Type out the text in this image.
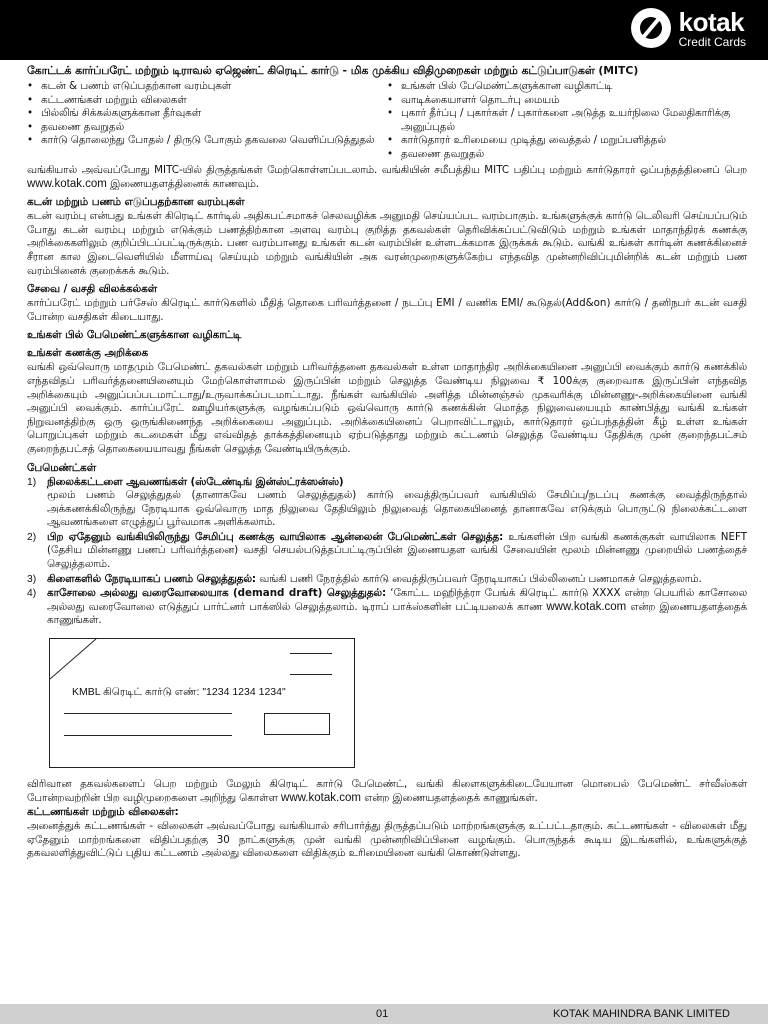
kotak
Credit Cards
கோட்டக் கார்ப்பரேட் மற்றும் டிராவல் ஏஜெண்ட் கிரெடிட் கார்டு - மிக முக்கிய விதிமுறைகள் மற்றும் கட்டுப்பாடுகள் (MITC)
• கடன் & பணம் எடுப்பதற்கான வரம்புகள்
• கட்டணங்கள் மற்றும் விலைகள்
• பில்லிங் சிக்கல்களுக்கான தீர்வுகள்
• தவணை தவறுதல்
• கார்டு தொலைந்து போதல் / திருடு போகும் தகவலை வெளிப்படுத்துதல்
• உங்கள் பில் பேமெண்ட்களுக்கான வழிகாட்டி
• வாடிக்கையாளர் தொடர்பு மையம்
• புகார் தீர்ப்பு / புகார்கள் / புகார்களை அடுத்த உயர்நிலை மேலதிகாரிக்கு அனுப்புதல்
• கார்டுதாரர் உரிமையை முடித்து வைத்தல் / மறுப்பளித்தல்
• தவணை தவறுதல்

வங்கியால் அவ்வப்போது MITC-யில் திருத்தங்கள் மேற்கொள்ளப்படலாம். வங்கியின் சமீபத்திய MITC பதிப்பு மற்றும் கார்டுதாரர் ஒப்பந்தத்தினைப் பெற www.kotak.com இணையதளத்தினைக் காணவும்.

கடன் மற்றும் பணம் எடுப்பதற்கான வரம்புகள்

கடன் வரம்பு என்பது உங்கள் கிரெடிட் கார்டில் அதிகபட்சமாகச் செலவழிக்க அனுமதி செய்யப்பட வரம்பாகும். உங்களுக்குக் கார்டு டெலிவரி செய்யப்படும் போது கடன் வரம்பு மற்றும் எடுக்கும் பணத்திற்கான அளவு வரம்பு குறித்த தகவல்கள் தெரிவிக்கப்பட்டுவிடும் மற்றும் உங்கள் மாதாந்திரக் கணக்கு அறிக்கைகளிலும் குறிப்பிடப்பட்டிருக்கும். பண வரம்பானது உங்கள் கடன் வரம்பின் உள்ளடக்கமாக இருக்கக் கூடும். வங்கி உங்கள் கார்டின் கணக்கினைச் சீரான கால இடைவெளியில் மீளாய்வு செய்யும் மற்றும் வங்கியின் அக வரன்முறைகளுக்கேற்ப எந்தவித முன்னறிவிப்புமின்றிக் கடன் மற்றும் பண வரம்பினைக் குறைக்கக் கூடும்.

சேவை / வசதி விலக்கல்கள்

கார்ப்பரேட் மற்றும் பர்சேஸ் கிரெடிட் கார்டுகளில் மீதித் தொகை பரிவர்த்தனை / நடப்பு EMI / வணிக EMI/ கூடுதல்(Add&on) கார்டு / தனிநபர் கடன் வசதி போன்ற வசதிகள் கிடையாது.

உங்கள் பில் பேமெண்ட்களுக்கான வழிகாட்டி
உங்கள் கணக்கு அறிக்கை

வங்கி ஒவ்வொரு மாதமும் பேமெண்ட் தகவல்கள் மற்றும் பரிவர்த்தனை தகவல்கள் உள்ள மாதாந்திர அறிக்கையினை அனுப்பி வைக்கும் கார்டு கணக்கில் எந்தவிதப் பரிவர்த்தனையினையும் மேற்கொள்ளாமல் இருப்பின் மற்றும் செலுத்த வேண்டிய நிலுவை ₹ 100க்கு குறைவாக இருப்பின் எந்தவித அறிக்கையும் அனுப்பப்படமாட்டாது/உருவாக்கப்படமாட்டாது. நீங்கள் வங்கியில் அளித்த மின்னஞ்சல் முகவரிக்கு மின்னணு-அறிக்கையினை வங்கி அனுப்பி வைக்கும். கார்ப்பரேட் ஊழியர்களுக்கு வழங்கப்படும் ஒவ்வொரு கார்டு கணக்கின் மொத்த நிலுவையையும் காண்பித்து வங்கி உங்கள் நிறுவனத்திற்கு ஒரு ஒருங்கிணைந்த அறிக்கையை அனுப்பும். அறிக்கையினைப் பெறாவிட்டாலும், கார்டுதாரர் ஒப்பந்தத்தின் கீழ் உள்ள உங்கள் பொறுப்புகள் மற்றும் கடமைகள் மீது எவ்விதத் தாக்கத்தினையும் ஏற்படுத்தாது மற்றும் கட்டணம் செலுத்த வேண்டிய தேதிக்கு முன் குறைந்தபட்சம் குறைந்தபட்சத் தொகையையாவது நீங்கள் செலுத்த வேண்டியிருக்கும்.

பேமெண்ட்கள்
1) நிலைக்கட்டளை ஆவணங்கள் (ஸ்டேண்டிங் இன்ஸ்ட்ரக்ஸன்ஸ்)
மூலம் பணம் செலுத்துதல் (தானாகவே பணம் செலுத்துதல்) கார்டு வைத்திருப்பவர் வங்கியில் சேமிப்பு/நடப்பு கணக்கு வைத்திருந்தால் அக்கணக்கிலிருந்து நேரடியாக ஒவ்வொரு மாத நிலுவை தேதியிலும் நிலுவைத் தொகையினைத் தானாகவே எடுக்கும் பொருட்டு நிலைக்கட்டளை ஆவணங்களை எழுத்துப் பூர்வமாக அளிக்கலாம்.
2) பிற ஏதேனும் வங்கியிலிருந்து சேமிப்பு கணக்கு வாயிலாக ஆன்லைன் பேமெண்ட்கள் செலுத்த: உங்களின் பிற வங்கி கணக்குகள் வாயிலாக NEFT (தேசிய மின்னணு பணப் பரிவர்த்தனை) வசதி செயல்படுத்தப்பட்டிருப்பின் இணையதள வங்கி சேவையின் மூலம் மின்னணு முறையில் பணத்தைச் செலுத்தலாம்.
3) கிளைகளில் நேரடியாகப் பணம் செலுத்துதல்: வங்கி பணி நேரத்தில் கார்டு வைத்திருப்பவர் நேரடியாகப் பில்லினைப் பணமாகச் செலுத்தலாம்.
4) காசோலை அல்லது வரைவோலையாக (demand draft) செலுத்துதல்: ‘கோட்ட மஹிந்த்ரா பேங்க் கிரெடிட் கார்டு XXXX என்ற பெயரில் காசோலை அல்லது வரைவோலை எடுத்துப் பார்ட்னர் பாக்ஸில் செலுத்தலாம். டிராப் பாக்ஸ்களின் பட்டியலைக் காண www.kotak.com என்ற இணையதளத்தைக் காணுங்கள்.
KMBL கிரெடிட் கார்டு எண்: "1234 1234 1234"

விரிவான தகவல்களைப் பெற மற்றும் மேலும் கிரெடிட் கார்டு பேமெண்ட், வங்கி கிளைகளுக்கிடையேயான மொபைல் பேமெண்ட் சர்வீஸ்கள் போன்றவற்றின் பிற வழிமுறைகளை அறிந்து கொள்ள www.kotak.com என்ற இணையதளத்தைக் காணுங்கள்.

கட்டணங்கள் மற்றும் விலைகள்:

அனைத்துக் கட்டணங்கள் - விலைகள் அவ்வப்போது வங்கியால் சரிபார்த்து திருத்தப்படும் மாற்றங்களுக்கு உட்பட்டதாகும். கட்டணங்கள் - விலைகள் மீது ஏதேனும் மாற்றங்களை விதிப்பதற்கு 30 நாட்களுக்கு முன் வங்கி முன்னறிவிப்பினை வழங்கும். பொருந்தக் கூடிய இடங்களில், உங்களுக்குத் தகவலளித்துவிட்டுப் புதிய கட்டணம் அல்லது விலைகளை விதிக்கும் உரிமையினை வங்கி கொண்டுள்ளது.

01	KOTAK MAHINDRA BANK LIMITED
